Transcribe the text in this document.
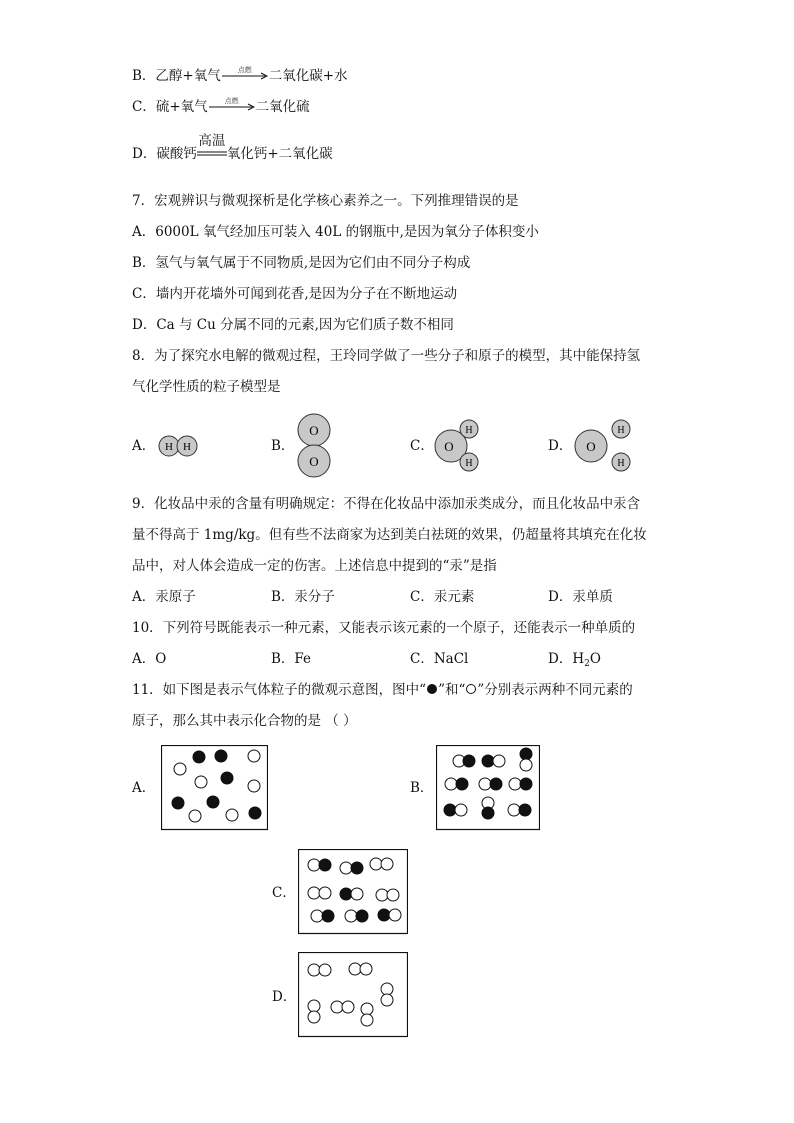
B．乙醇+氧气	点燃	二氧化碳+水
C．硫+氧气	点燃	二氧化硫
D．碳酸钙
高温
氧化钙+二氧化碳
7．宏观辨识与微观探析是化学核心素养之一。下列推理错误的是
A．6000L 氧气经加压可装入 40L 的钢瓶中,是因为氧分子体积变小
B．氢气与氧气属于不同物质,是因为它们由不同分子构成
C．墙内开花墙外可闻到花香,是因为分子在不断地运动
D．Ca 与 Cu 分属不同的元素,因为它们质子数不相同
8．为了探究水电解的微观过程，王玲同学做了一些分子和原子的模型，其中能保持氢
气化学性质的粒子模型是
A． H H	B．
O
O
C． O
H
H
D． O
H
H
9．化妆品中汞的含量有明确规定：不得在化妆品中添加汞类成分，而且化妆品中汞含
量不得高于 1mg/kg。但有些不法商家为达到美白祛斑的效果，仍超量将其填充在化妆
品中，对人体会造成一定的伤害。上述信息中提到的“汞”是指
A．汞原子	B．汞分子	C．汞元素	D．汞单质
10．下列符号既能表示一种元素，又能表示该元素的一个原子，还能表示一种单质的
A．O	B．Fe	C．NaCl	D．$H_2O$
11．如下图是表示气体粒子的微观示意图，图中“ ”和“ ”分别表示两种不同元素的
原子，那么其中表示化合物的是 （ ）
A．	B．
C．
D．
